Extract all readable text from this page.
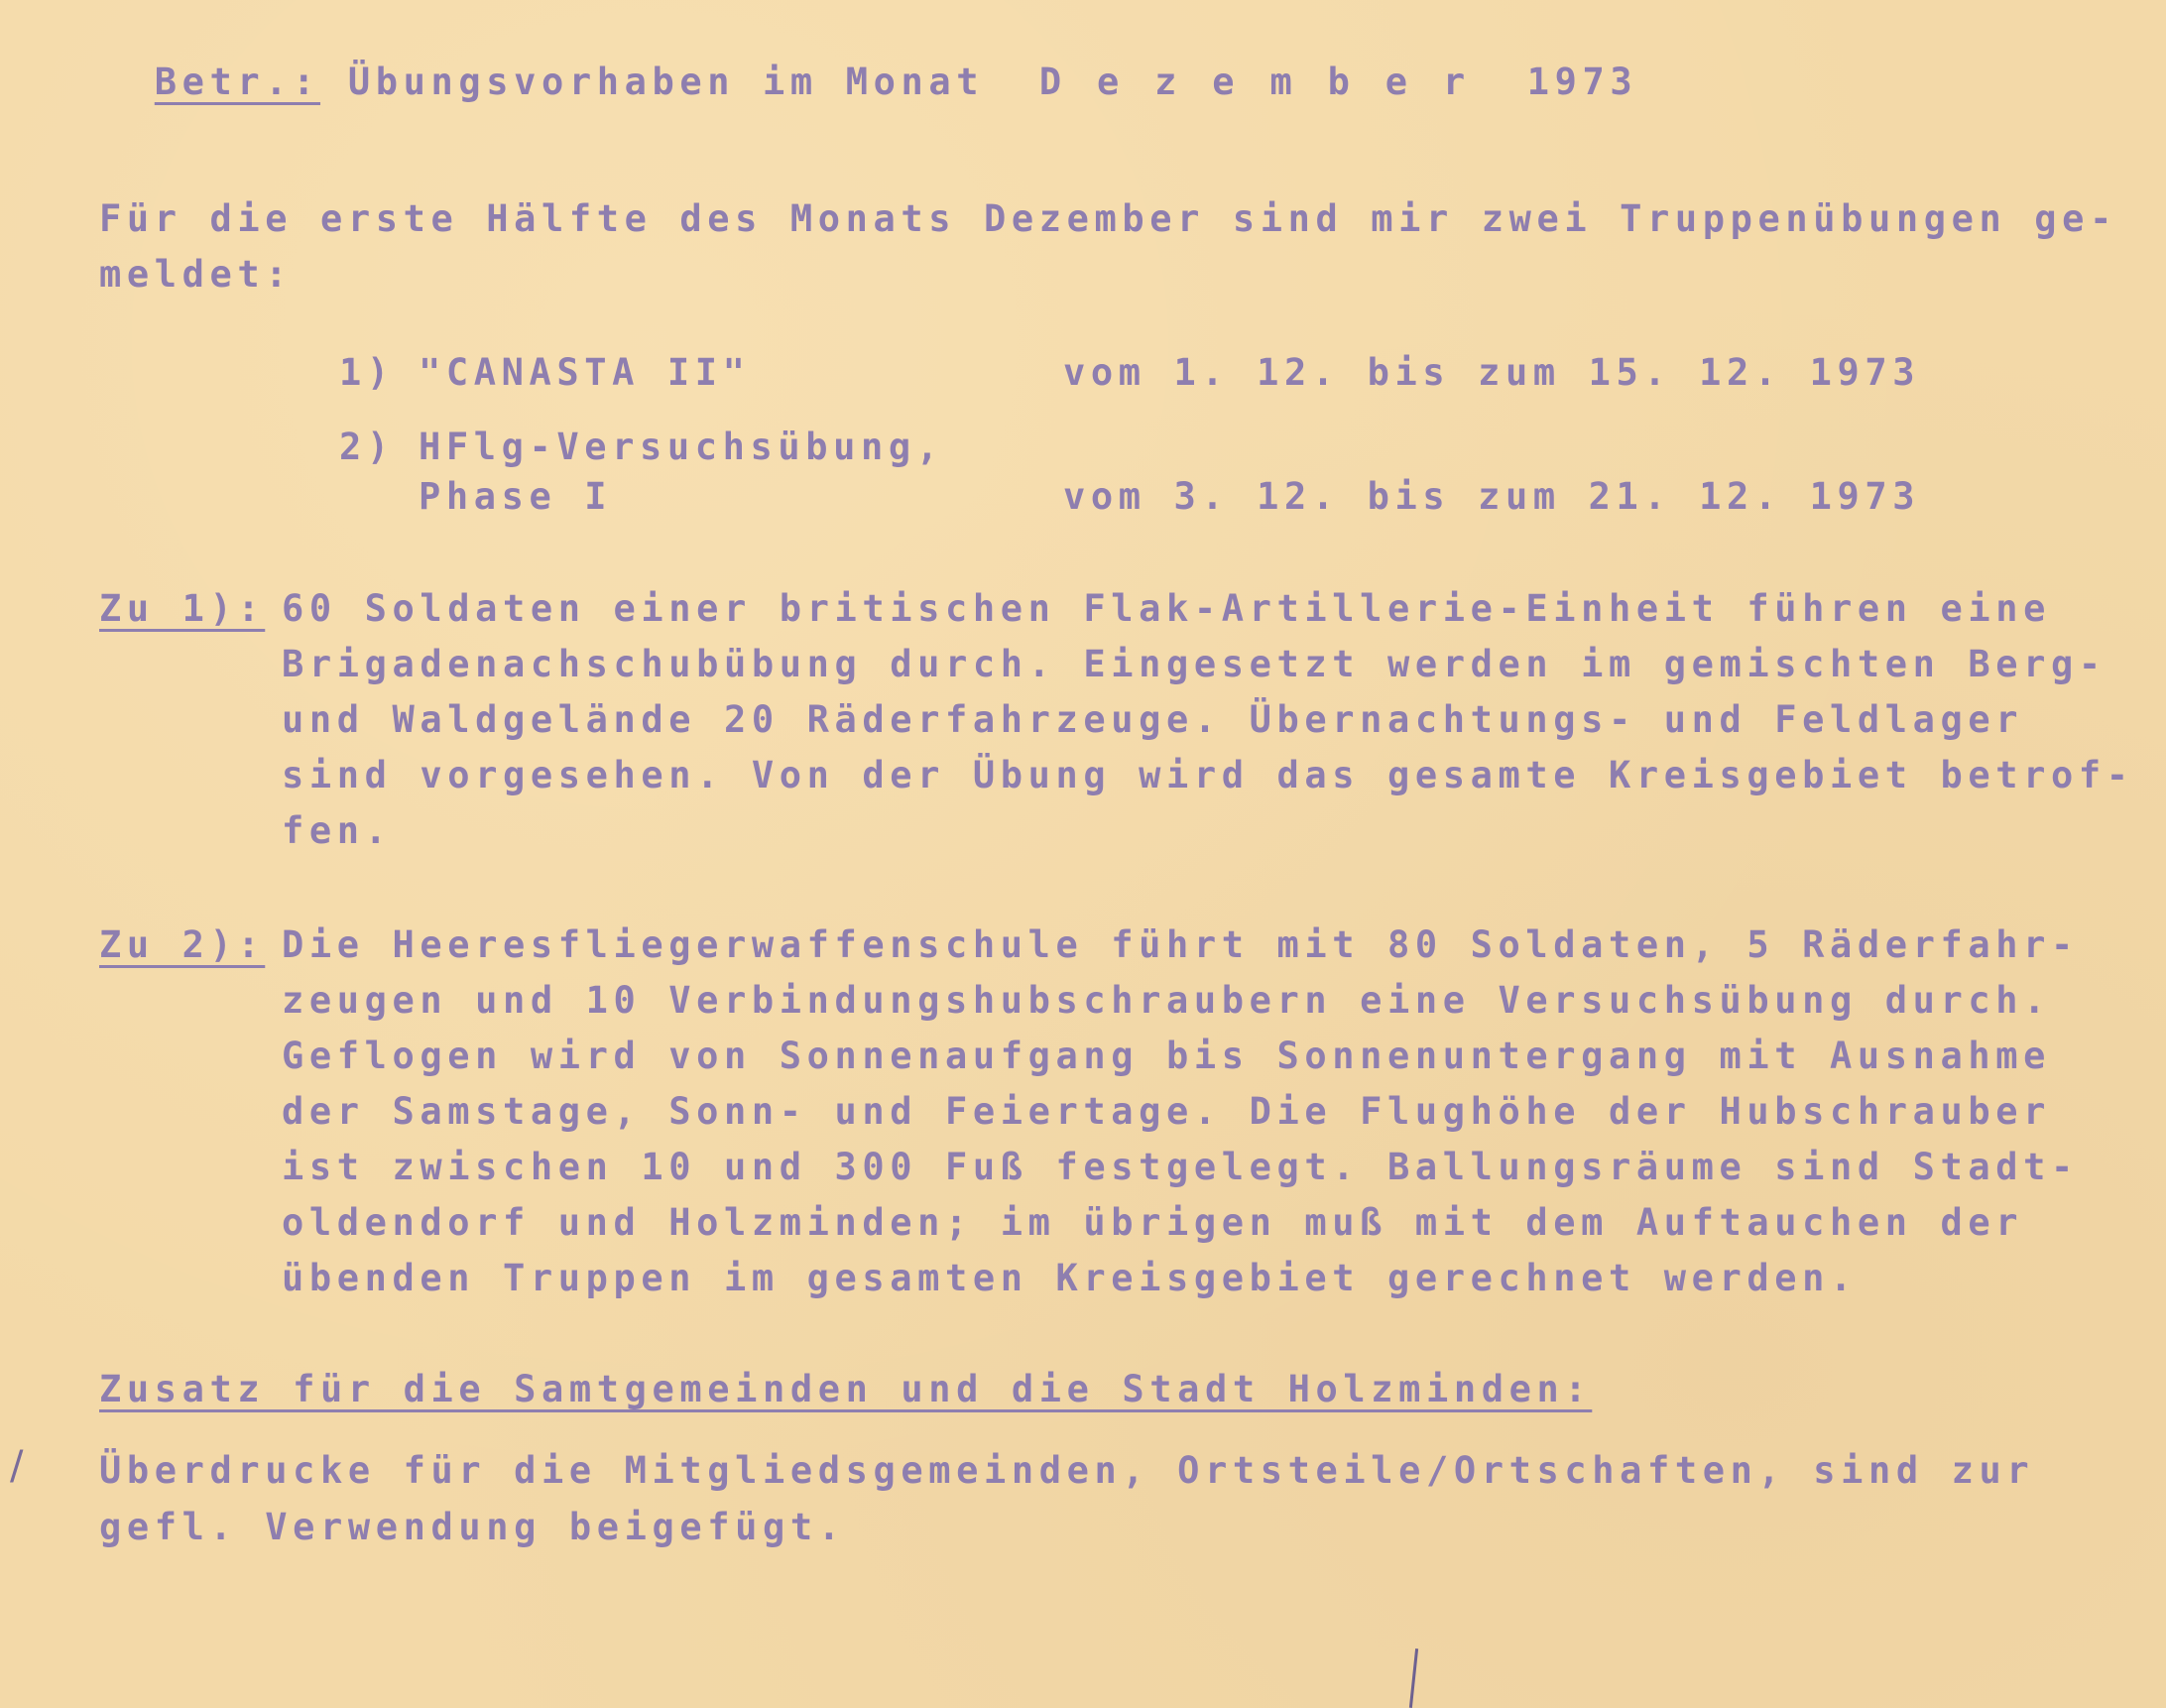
Betr.: Übungsvorhaben im Monat D e z e m b e r 1973

Für die erste Hälfte des Monats Dezember sind mir zwei Truppenübungen ge-
meldet:
1) "CANASTA II"	vom 1. 12. bis zum 15. 12. 1973
2) HFlg-Versuchsübung,
Phase I	vom 3. 12. bis zum 21. 12. 1973
Zu 1): 60 Soldaten einer britischen Flak-Artillerie-Einheit führen eine
Brigadenachschubübung durch. Eingesetzt werden im gemischten Berg-
und Waldgelände 20 Räderfahrzeuge. Übernachtungs- und Feldlager
sind vorgesehen. Von der Übung wird das gesamte Kreisgebiet betrof-
fen.
Zu 2): Die Heeresfliegerwaffenschule führt mit 80 Soldaten, 5 Räderfahr-
zeugen und 10 Verbindungshubschraubern eine Versuchsübung durch.
Geflogen wird von Sonnenaufgang bis Sonnenuntergang mit Ausnahme
der Samstage, Sonn- und Feiertage. Die Flughöhe der Hubschrauber
ist zwischen 10 und 300 Fuß festgelegt. Ballungsräume sind Stadt-
oldendorf und Holzminden; im übrigen muß mit dem Auftauchen der
übenden Truppen im gesamten Kreisgebiet gerechnet werden.
Zusatz für die Samtgemeinden und die Stadt Holzminden:
/ Überdrucke für die Mitgliedsgemeinden, Ortsteile/Ortschaften, sind zur
gefl. Verwendung beigefügt.
